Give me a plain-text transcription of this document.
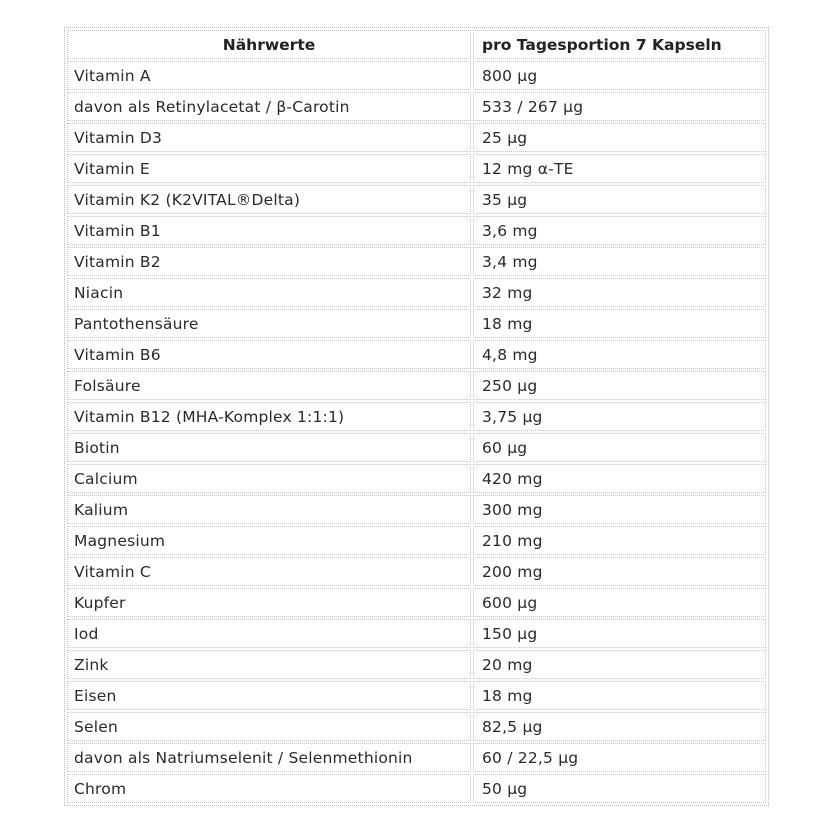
Nährwerte	pro Tagesportion 7 Kapseln
Vitamin A	800 µg
davon als Retinylacetat / β-Carotin	533 / 267 µg
Vitamin D3	25 µg
Vitamin E	12 mg α-TE
Vitamin K2 (K2VITAL®Delta)	35 µg
Vitamin B1	3,6 mg
Vitamin B2	3,4 mg
Niacin	32 mg
Pantothensäure	18 mg
Vitamin B6	4,8 mg
Folsäure	250 µg
Vitamin B12 (MHA-Komplex 1:1:1)	3,75 µg
Biotin	60 µg
Calcium	420 mg
Kalium	300 mg
Magnesium	210 mg
Vitamin C	200 mg
Kupfer	600 µg
Iod	150 µg
Zink	20 mg
Eisen	18 mg
Selen	82,5 µg
davon als Natriumselenit / Selenmethionin	60 / 22,5 µg
Chrom	50 µg
